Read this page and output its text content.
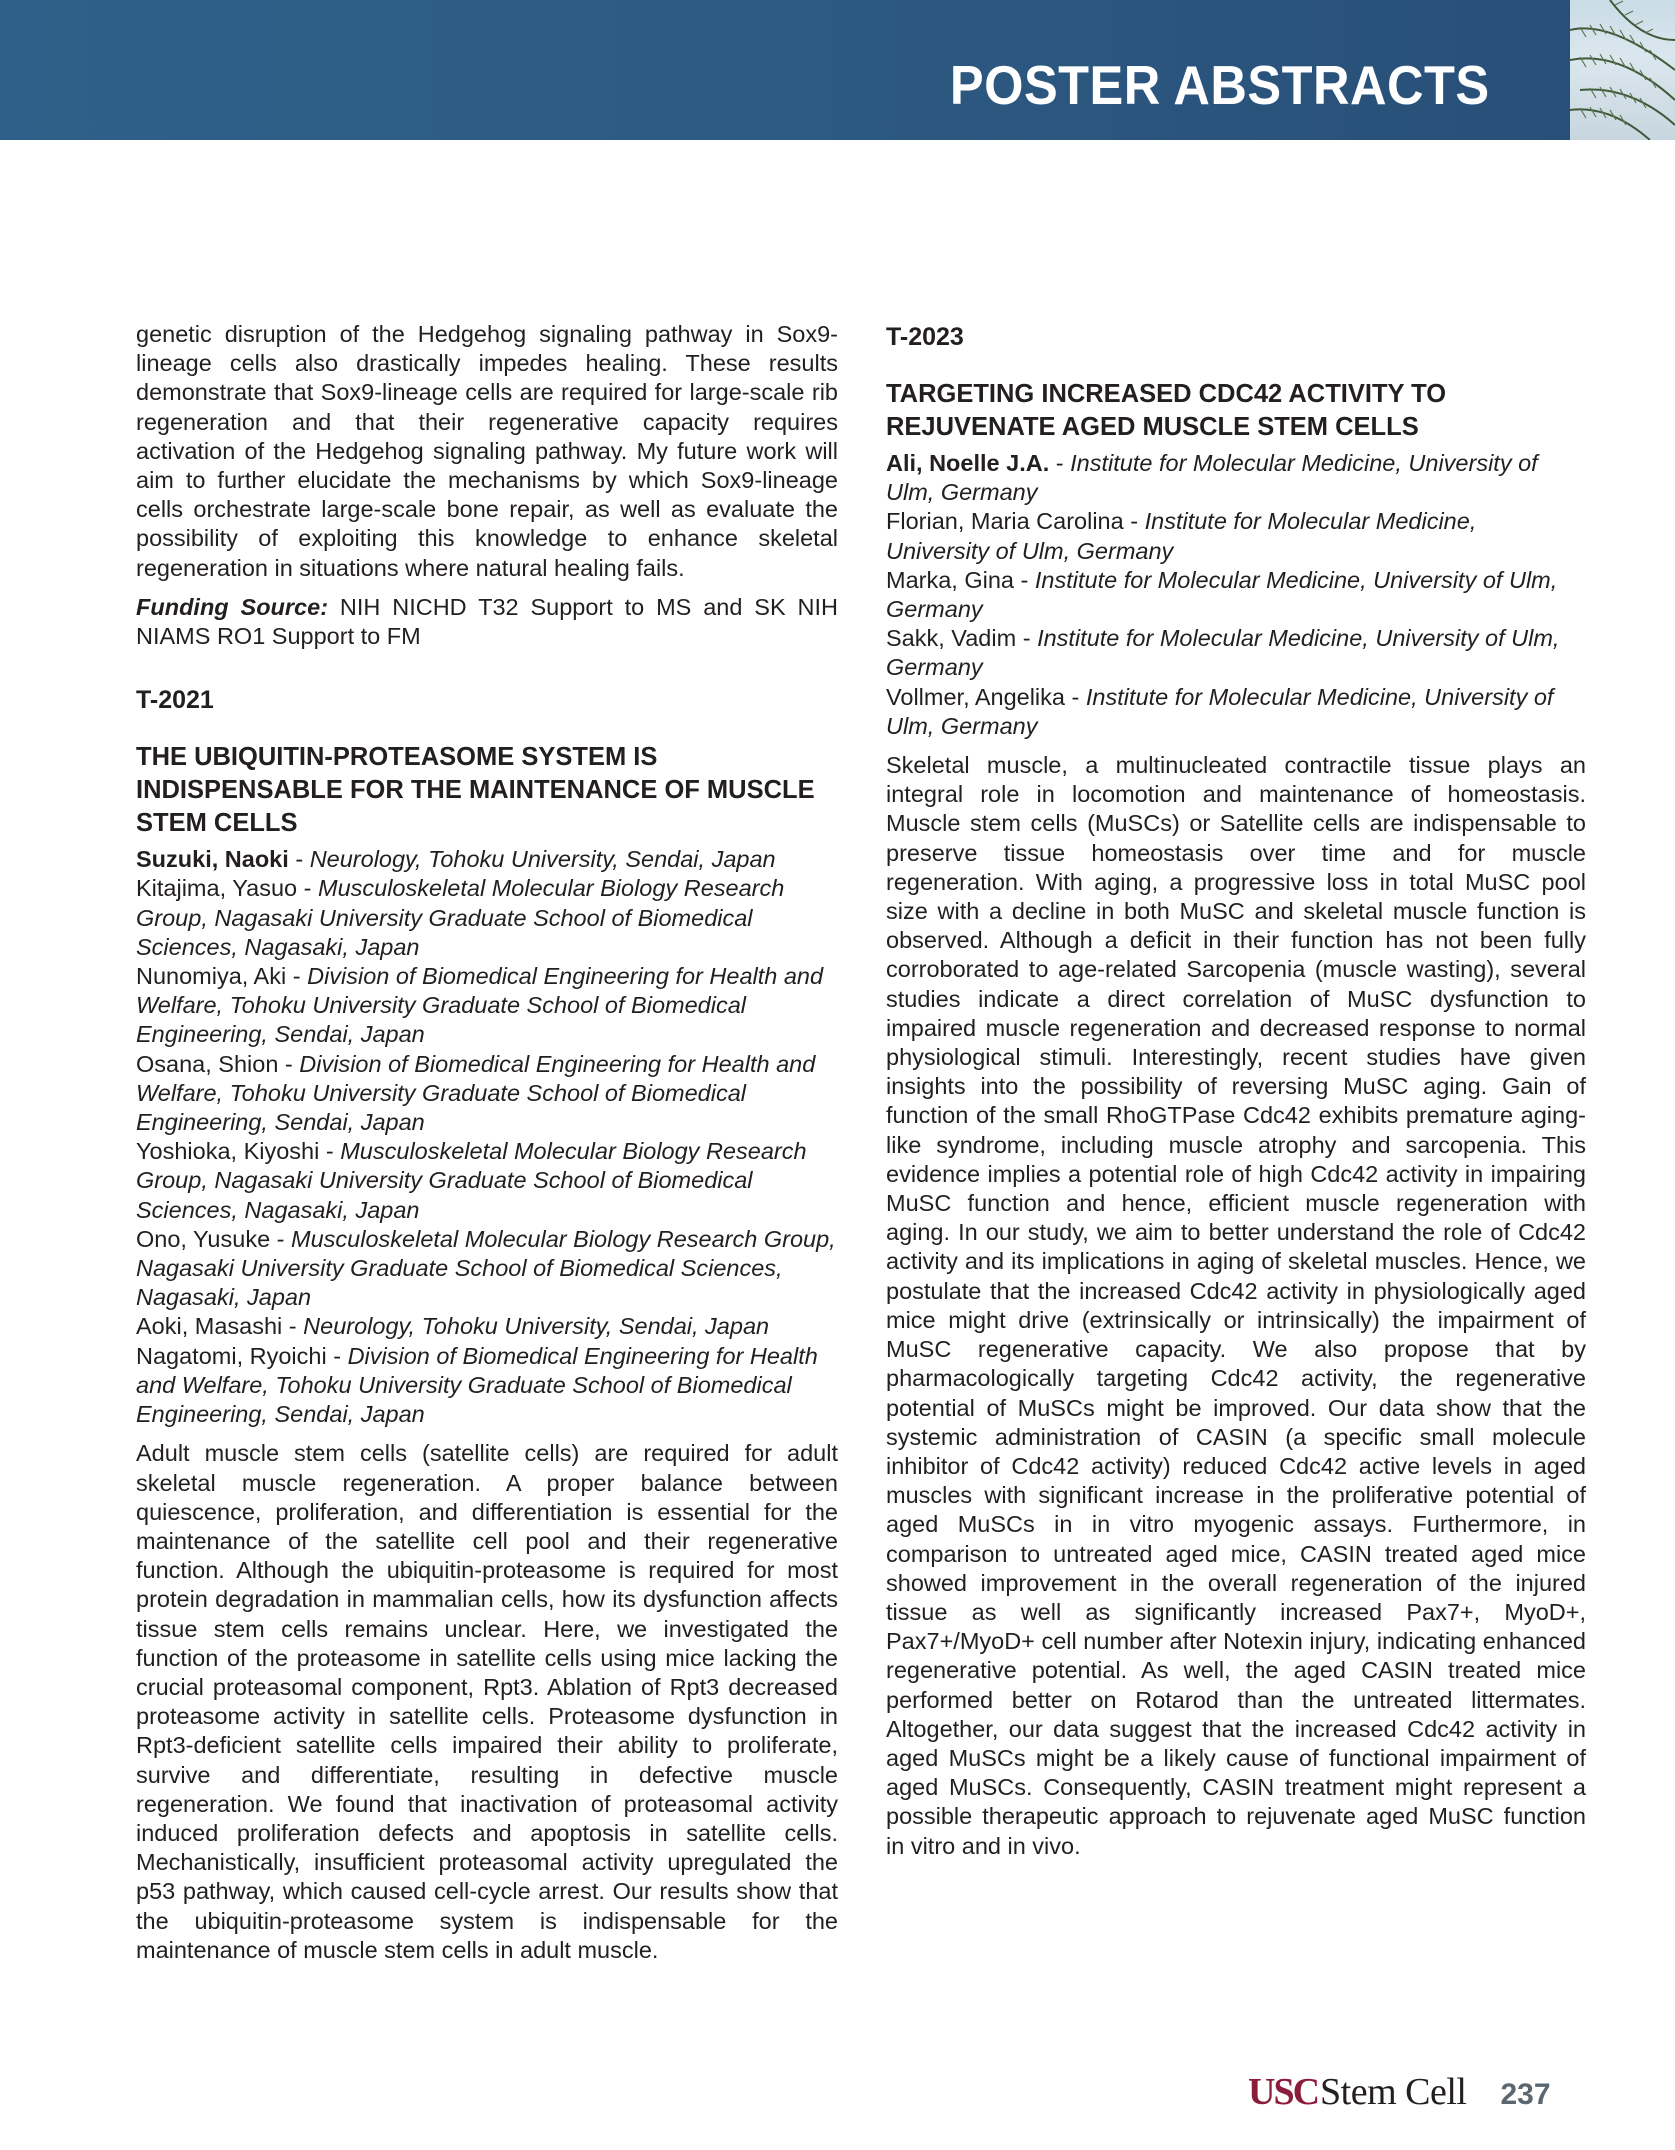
POSTER ABSTRACTS

genetic disruption of the Hedgehog signaling pathway in Sox9-lineage cells also drastically impedes healing. These results demonstrate that Sox9-lineage cells are required for large-scale rib regeneration and that their regenerative capacity requires activation of the Hedgehog signaling pathway. My future work will aim to further elucidate the mechanisms by which Sox9-lineage cells orchestrate large-scale bone repair, as well as evaluate the possibility of exploiting this knowledge to enhance skeletal regeneration in situations where natural healing fails.

Funding Source: NIH NICHD T32 Support to MS and SK NIH NIAMS RO1 Support to FM

T-2021

THE UBIQUITIN-PROTEASOME SYSTEM IS INDISPENSABLE FOR THE MAINTENANCE OF MUSCLE STEM CELLS

Suzuki, Naoki - Neurology, Tohoku University, Sendai, Japan
Kitajima, Yasuo - Musculoskeletal Molecular Biology Research Group, Nagasaki University Graduate School of Biomedical Sciences, Nagasaki, Japan
Nunomiya, Aki - Division of Biomedical Engineering for Health and Welfare, Tohoku University Graduate School of Biomedical Engineering, Sendai, Japan
Osana, Shion - Division of Biomedical Engineering for Health and Welfare, Tohoku University Graduate School of Biomedical Engineering, Sendai, Japan
Yoshioka, Kiyoshi - Musculoskeletal Molecular Biology Research Group, Nagasaki University Graduate School of Biomedical Sciences, Nagasaki, Japan
Ono, Yusuke - Musculoskeletal Molecular Biology Research Group, Nagasaki University Graduate School of Biomedical Sciences, Nagasaki, Japan
Aoki, Masashi - Neurology, Tohoku University, Sendai, Japan
Nagatomi, Ryoichi - Division of Biomedical Engineering for Health and Welfare, Tohoku University Graduate School of Biomedical Engineering, Sendai, Japan

Adult muscle stem cells (satellite cells) are required for adult skeletal muscle regeneration. A proper balance between quiescence, proliferation, and differentiation is essential for the maintenance of the satellite cell pool and their regenerative function. Although the ubiquitin-proteasome is required for most protein degradation in mammalian cells, how its dysfunction affects tissue stem cells remains unclear. Here, we investigated the function of the proteasome in satellite cells using mice lacking the crucial proteasomal component, Rpt3. Ablation of Rpt3 decreased proteasome activity in satellite cells. Proteasome dysfunction in Rpt3-deficient satellite cells impaired their ability to proliferate, survive and differentiate, resulting in defective muscle regeneration. We found that inactivation of proteasomal activity induced proliferation defects and apoptosis in satellite cells. Mechanistically, insufficient proteasomal activity upregulated the p53 pathway, which caused cell-cycle arrest. Our results show that the ubiquitin-proteasome system is indispensable for the maintenance of muscle stem cells in adult muscle.

T-2023

TARGETING INCREASED CDC42 ACTIVITY TO REJUVENATE AGED MUSCLE STEM CELLS

Ali, Noelle J.A. - Institute for Molecular Medicine, University of Ulm, Germany
Florian, Maria Carolina - Institute for Molecular Medicine, University of Ulm, Germany
Marka, Gina - Institute for Molecular Medicine, University of Ulm, Germany
Sakk, Vadim - Institute for Molecular Medicine, University of Ulm, Germany
Vollmer, Angelika - Institute for Molecular Medicine, University of Ulm, Germany

Skeletal muscle, a multinucleated contractile tissue plays an integral role in locomotion and maintenance of homeostasis. Muscle stem cells (MuSCs) or Satellite cells are indispensable to preserve tissue homeostasis over time and for muscle regeneration. With aging, a progressive loss in total MuSC pool size with a decline in both MuSC and skeletal muscle function is observed. Although a deficit in their function has not been fully corroborated to age-related Sarcopenia (muscle wasting), several studies indicate a direct correlation of MuSC dysfunction to impaired muscle regeneration and decreased response to normal physiological stimuli. Interestingly, recent studies have given insights into the possibility of reversing MuSC aging. Gain of function of the small RhoGTPase Cdc42 exhibits premature aging-like syndrome, including muscle atrophy and sarcopenia. This evidence implies a potential role of high Cdc42 activity in impairing MuSC function and hence, efficient muscle regeneration with aging. In our study, we aim to better understand the role of Cdc42 activity and its implications in aging of skeletal muscles. Hence, we postulate that the increased Cdc42 activity in physiologically aged mice might drive (extrinsically or intrinsically) the impairment of MuSC regenerative capacity. We also propose that by pharmacologically targeting Cdc42 activity, the regenerative potential of MuSCs might be improved. Our data show that the systemic administration of CASIN (a specific small molecule inhibitor of Cdc42 activity) reduced Cdc42 active levels in aged muscles with significant increase in the proliferative potential of aged MuSCs in in vitro myogenic assays. Furthermore, in comparison to untreated aged mice, CASIN treated aged mice showed improvement in the overall regeneration of the injured tissue as well as significantly increased Pax7+, MyoD+, Pax7+/MyoD+ cell number after Notexin injury, indicating enhanced regenerative potential. As well, the aged CASIN treated mice performed better on Rotarod than the untreated littermates. Altogether, our data suggest that the increased Cdc42 activity in aged MuSCs might be a likely cause of functional impairment of aged MuSCs. Consequently, CASIN treatment might represent a possible therapeutic approach to rejuvenate aged MuSC function in vitro and in vivo.

USC Stem Cell 237
